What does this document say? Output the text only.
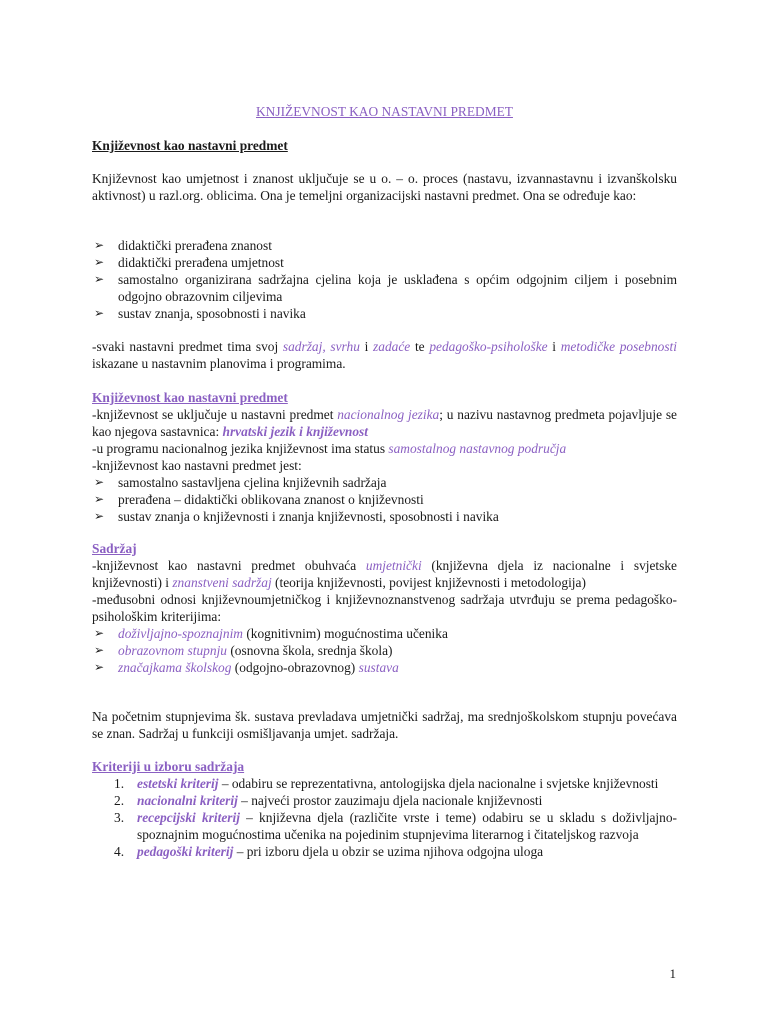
KNJIŽEVNOST KAO NASTAVNI PREDMET
Književnost kao nastavni predmet
Književnost kao umjetnost i znanost uključuje se u o. – o. proces (nastavu, izvannastavnu i izvanškolsku aktivnost) u razl.org. oblicima. Ona je temeljni organizacijski nastavni predmet. Ona se određuje kao:
➢	didaktički prerađena znanost
➢	didaktički prerađena umjetnost
➢	samostalno organizirana sadržajna cjelina koja je usklađena s općim odgojnim ciljem i posebnim odgojno obrazovnim ciljevima
➢	sustav znanja, sposobnosti i navika
-svaki nastavni predmet tima svoj sadržaj, svrhu i zadaće te pedagoško-psihološke i metodičke posebnosti iskazane u nastavnim planovima i programima.
Književnost kao nastavni predmet
-književnost se uključuje u nastavni predmet nacionalnog jezika; u nazivu nastavnog predmeta pojavljuje se kao njegova sastavnica: hrvatski jezik i književnost
-u programu nacionalnog jezika književnost ima status samostalnog nastavnog područja
-književnost kao nastavni predmet jest:
➢	samostalno sastavljena cjelina književnih sadržaja
➢	prerađena – didaktički oblikovana znanost o književnosti
➢	sustav znanja o književnosti i znanja književnosti, sposobnosti i navika
Sadržaj
-književnost kao nastavni predmet obuhvaća umjetnički (književna djela iz nacionalne i svjetske književnosti) i znanstveni sadržaj (teorija književnosti, povijest književnosti i metodologija)
-međusobni odnosi književnoumjetničkog i književnoznanstvenog sadržaja utvrđuju se prema pedagoško-psihološkim kriterijima:
➢	doživljajno-spoznajnim (kognitivnim) mogućnostima učenika
➢	obrazovnom stupnju (osnovna škola, srednja škola)
➢	značajkama školskog (odgojno-obrazovnog) sustava
Na početnim stupnjevima šk. sustava prevladava umjetnički sadržaj, ma srednjoškolskom stupnju povećava se znan. Sadržaj u funkciji osmišljavanja umjet. sadržaja.
Kriteriji u izboru sadržaja
1. estetski kriterij – odabiru se reprezentativna, antologijska djela nacionalne i svjetske književnosti
2. nacionalni kriterij – najveći prostor zauzimaju djela nacionale književnosti
3. recepcijski kriterij – književna djela (različite vrste i teme) odabiru se u skladu s doživljajno-spoznajnim mogućnostima učenika na pojedinim stupnjevima literarnog i čitateljskog razvoja
4. pedagoški kriterij – pri izboru djela u obzir se uzima njihova odgojna uloga
1
